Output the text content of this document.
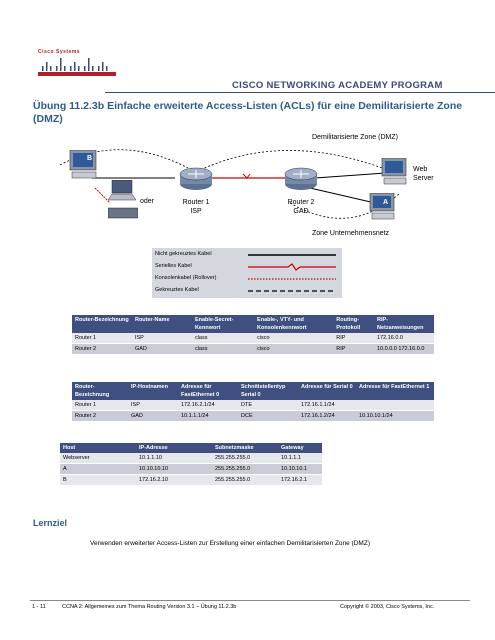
Cisco Systems
CISCO NETWORKING ACADEMY PROGRAM
Übung 11.2.3b Einfache erweiterte Access-Listen (ACLs) für eine Demilitarisierte Zone (DMZ)
B
oder	Router 1
ISP
Router 2
GAD
Demilitarisierte Zone (DMZ)
Web Server
A
Zone Unternehmensnetz
Nicht gekreuztes Kabel
Serielles Kabel
Konsolenkabel (Rollover)
Gekreuztes Kabel
Router-Bezeichnung	Router-Name	Enable-Secret-Kennwort	Enable-, VTY- und Konsolenkennwort	Routing-Protokoll	RIP-Netzanweisungen
Router 1	ISP	class	cisco	RIP	172.16.0.0
Router 2	GAD	class	cisco	RIP	10.0.0.0 172.16.0.0
Router-Bezeichnung	IP-Hostnamen	Adresse für FastEthernet 0	Schnittstellentyp Serial 0	Adresse für Serial 0	Adresse für FastEthernet 1
Router 1	ISP	172.16.2.1/24	DTE	172.16.1.1/24	
Router 2	GAD	10.1.1.1/24	DCE	172.16.1.2/24	10.10.10.1/24
Host	IP-Adresse	Subnetzmaske	Gateway
Webserver	10.1.1.10	255.255.255.0	10.1.1.1
A	10.10.10.10	255.255.255.0	10.10.10.1
B	172.16.2.10	255.255.255.0	172.16.2.1
Lernziel
Verwenden erweiterter Access-Listen zur Erstellung einer einfachen Demilitarisierten Zone (DMZ)
1 - 11	CCNA 2: Allgemeines zum Thema Routing Version 3.1 – Übung 11.2.3b	Copyright © 2003, Cisco Systems, Inc.
